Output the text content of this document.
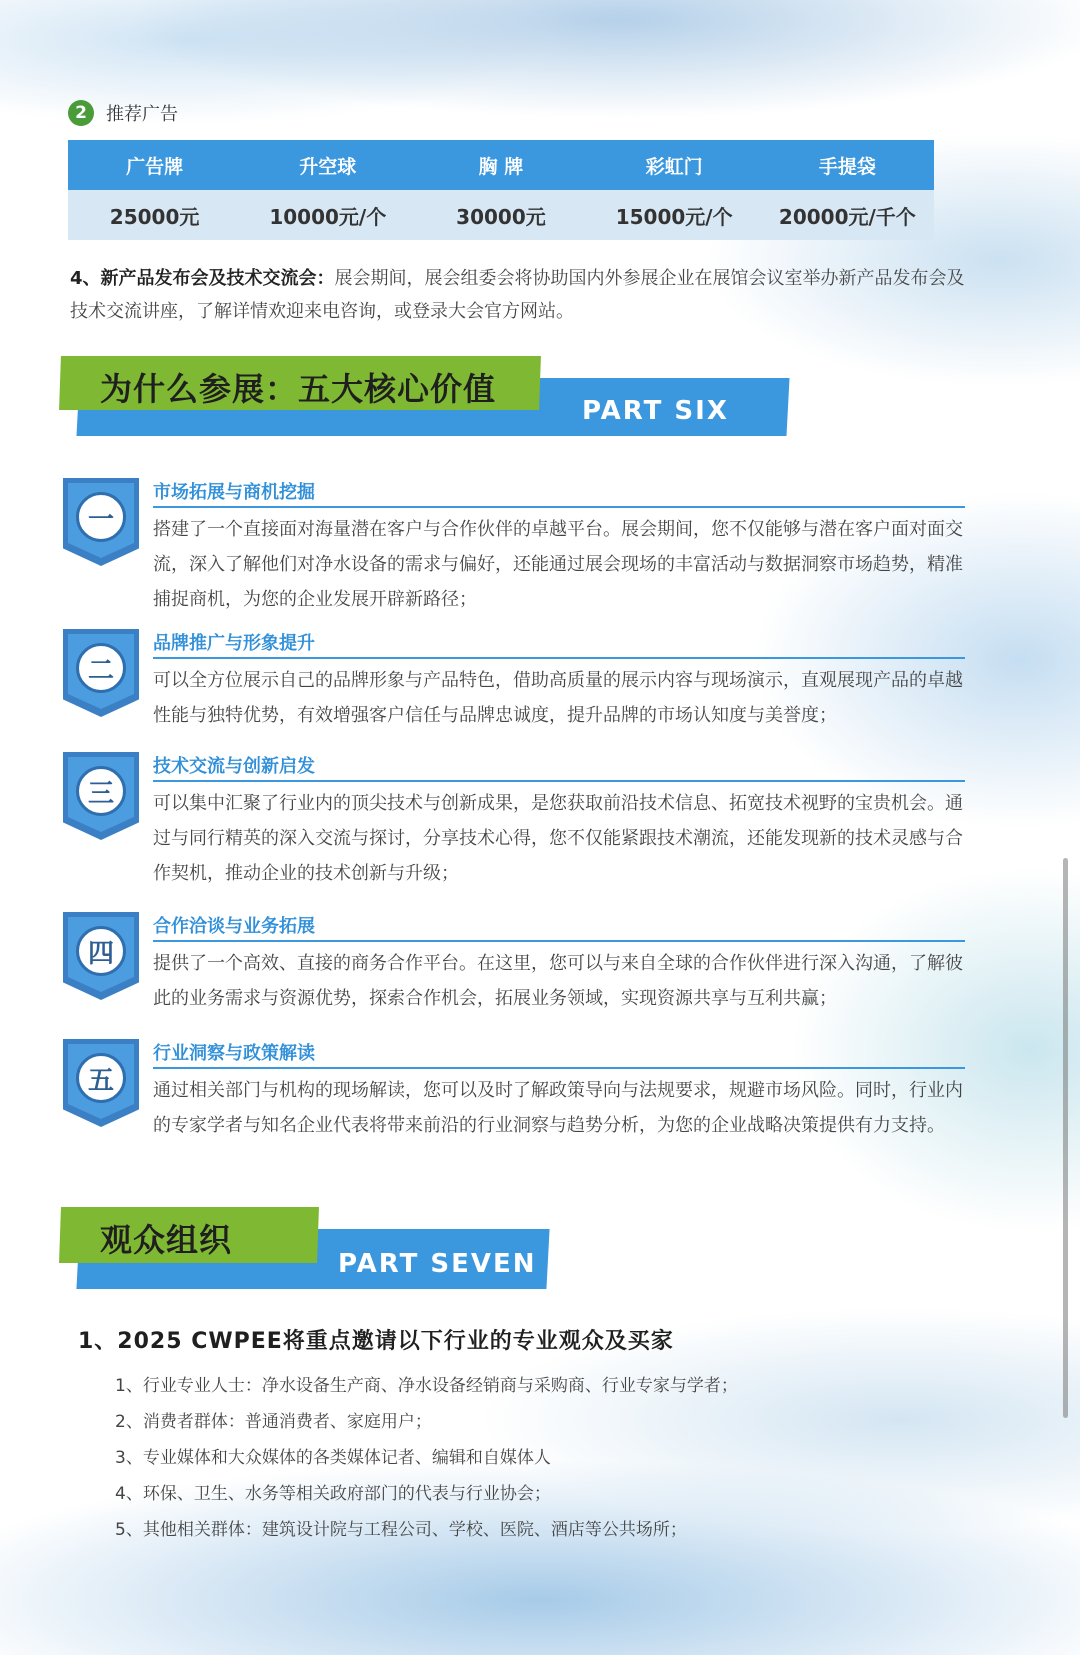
2	推荐广告
广告牌	升空球	胸 牌	彩虹门	手提袋
25000元	10000元/个	30000元	15000元/个	20000元/千个
4、新产品发布会及技术交流会：展会期间，展会组委会将协助国内外参展企业在展馆会议室举办新产品发布会及技术交流讲座，了解详情欢迎来电咨询，或登录大会官方网站。
为什么参展：五大核心价值
PART SIX
一
市场拓展与商机挖掘
搭建了一个直接面对海量潜在客户与合作伙伴的卓越平台。展会期间，您不仅能够与潜在客户面对面交流，深入了解他们对净水设备的需求与偏好，还能通过展会现场的丰富活动与数据洞察市场趋势，精准捕捉商机，为您的企业发展开辟新路径；
二
品牌推广与形象提升
可以全方位展示自己的品牌形象与产品特色，借助高质量的展示内容与现场演示，直观展现产品的卓越性能与独特优势，有效增强客户信任与品牌忠诚度，提升品牌的市场认知度与美誉度；
三
技术交流与创新启发
可以集中汇聚了行业内的顶尖技术与创新成果，是您获取前沿技术信息、拓宽技术视野的宝贵机会。通过与同行精英的深入交流与探讨，分享技术心得，您不仅能紧跟技术潮流，还能发现新的技术灵感与合作契机，推动企业的技术创新与升级；
四
合作洽谈与业务拓展
提供了一个高效、直接的商务合作平台。在这里，您可以与来自全球的合作伙伴进行深入沟通，了解彼此的业务需求与资源优势，探索合作机会，拓展业务领域，实现资源共享与互利共赢；
五
行业洞察与政策解读
通过相关部门与机构的现场解读，您可以及时了解政策导向与法规要求，规避市场风险。同时，行业内的专家学者与知名企业代表将带来前沿的行业洞察与趋势分析，为您的企业战略决策提供有力支持。
观众组织
PART SEVEN
1、2025 CWPEE将重点邀请以下行业的专业观众及买家
1、行业专业人士：净水设备生产商、净水设备经销商与采购商、行业专家与学者；
2、消费者群体：普通消费者、家庭用户；
3、专业媒体和大众媒体的各类媒体记者、编辑和自媒体人
4、环保、卫生、水务等相关政府部门的代表与行业协会；
5、其他相关群体：建筑设计院与工程公司、学校、医院、酒店等公共场所；
